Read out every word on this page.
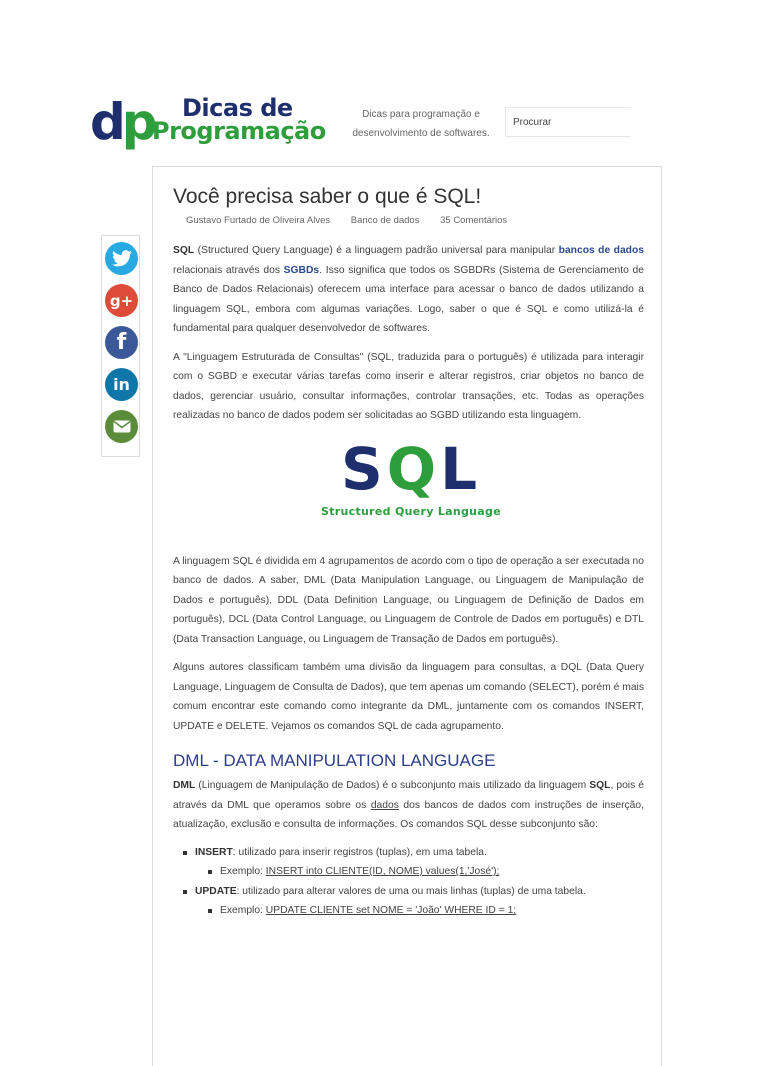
dp Dicas de
Programação
Dicas para programação e desenvolvimento de softwares.
Procurar
g+
f
in
Você precisa saber o que é SQL!
Gustavo Furtado de Oliveira Alves Banco de dados 35 Comentários

SQL (Structured Query Language) é a linguagem padrão universal para manipular bancos de dados relacionais através dos SGBDs. Isso significa que todos os SGBDRs (Sistema de Gerenciamento de Banco de Dados Relacionais) oferecem uma interface para acessar o banco de dados utilizando a linguagem SQL, embora com algumas variações. Logo, saber o que é SQL e como utilizá-la é fundamental para qualquer desenvolvedor de softwares.

A "Linguagem Estruturada de Consultas" (SQL, traduzida para o português) é utilizada para interagir com o SGBD e executar várias tarefas como inserir e alterar registros, criar objetos no banco de dados, gerenciar usuário, consultar informações, controlar transações, etc. Todas as operações realizadas no banco de dados podem ser solicitadas ao SGBD utilizando esta linguagem.

SQL
Structured Query Language

A linguagem SQL é dividida em 4 agrupamentos de acordo com o tipo de operação a ser executada no banco de dados. A saber, DML (Data Manipulation Language, ou Linguagem de Manipulação de Dados e português), DDL (Data Definition Language, ou Linguagem de Definição de Dados em português), DCL (Data Control Language, ou Linguagem de Controle de Dados em português) e DTL (Data Transaction Language, ou Linguagem de Transação de Dados em português).

Alguns autores classificam também uma divisão da linguagem para consultas, a DQL (Data Query Language, Linguagem de Consulta de Dados), que tem apenas um comando (SELECT), porém é mais comum encontrar este comando como integrante da DML, juntamente com os comandos INSERT, UPDATE e DELETE. Vejamos os comandos SQL de cada agrupamento.

DML - DATA MANIPULATION LANGUAGE

DML (Linguagem de Manipulação de Dados) é o subconjunto mais utilizado da linguagem SQL, pois é através da DML que operamos sobre os dados dos bancos de dados com instruções de inserção, atualização, exclusão e consulta de informações. Os comandos SQL desse subconjunto são:

INSERT: utilizado para inserir registros (tuplas), em uma tabela.
Exemplo: INSERT into CLIENTE(ID, NOME) values(1,'José');
UPDATE: utilizado para alterar valores de uma ou mais linhas (tuplas) de uma tabela.
Exemplo: UPDATE CLIENTE set NOME = 'João' WHERE ID = 1;
